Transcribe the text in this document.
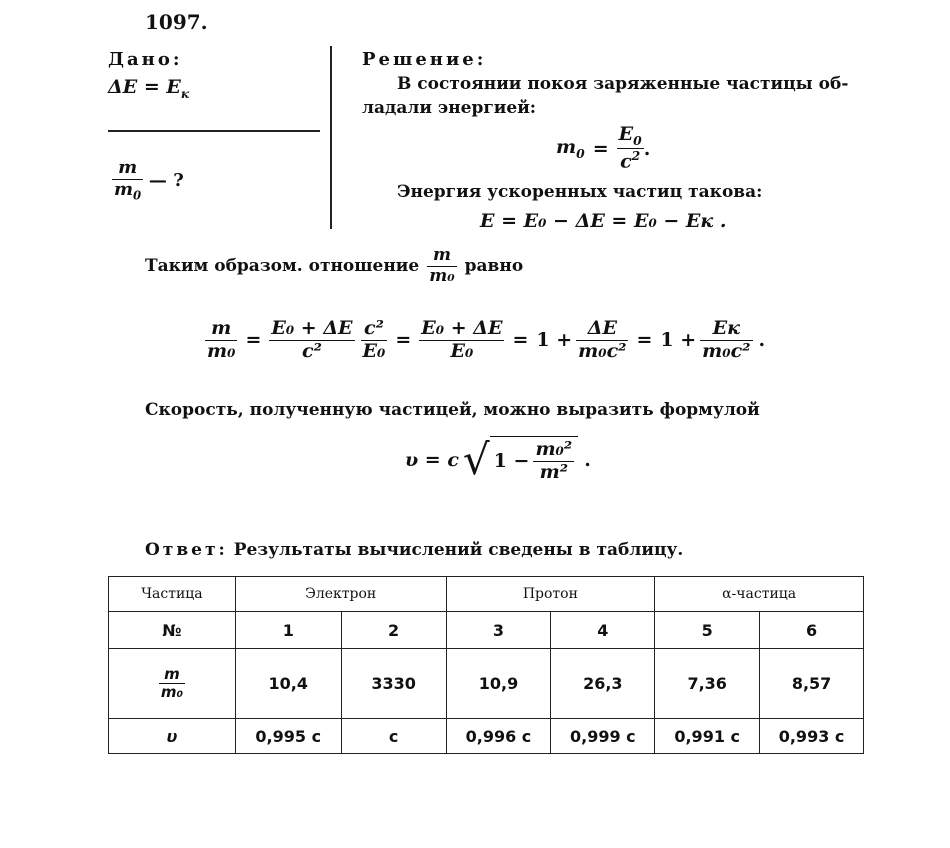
1097.
Дано:
$\Delta E = E_к$
$\frac{m}{m_0}$ — ?
Решение:
В состоянии покоя заряженные частицы об-
ладали энергией:
$m_0 = \frac{E_0}{c^2}$ .
Энергия ускоренных частиц такова:
E = E₀ − ΔE = E₀ − Eк .
Таким образом. отношение $\frac{m}{\text{m₀}}$ равно
$\frac{m}{\text{m₀}} = \frac{\text{E₀ + ΔE}}{\text{c²}} \frac{\text{c²}}{\text{E₀}} = \frac{\text{E₀ + ΔE}}{\text{E₀}} = 1 + \frac{\Delta E}{\text{m₀c²}} = 1 + \frac{Eк}{\text{m₀c²}}$ .
Скорость, полученную частицей, можно выразить формулой
υ = c √ $1 - \frac{\text{m₀²}}{\text{m²}}$ .
Ответ: Результаты вычислений сведены в таблицу.
Частица	Электрон		Протон		α-частица	
№	1	2	3	4	5	6

$\frac{m}{\text{m₀}}$	10,4	3330	10,9	26,3	7,36	8,57
υ	0,995 c	c	0,996 c	0,999 c	0,991 c	0,993 c
